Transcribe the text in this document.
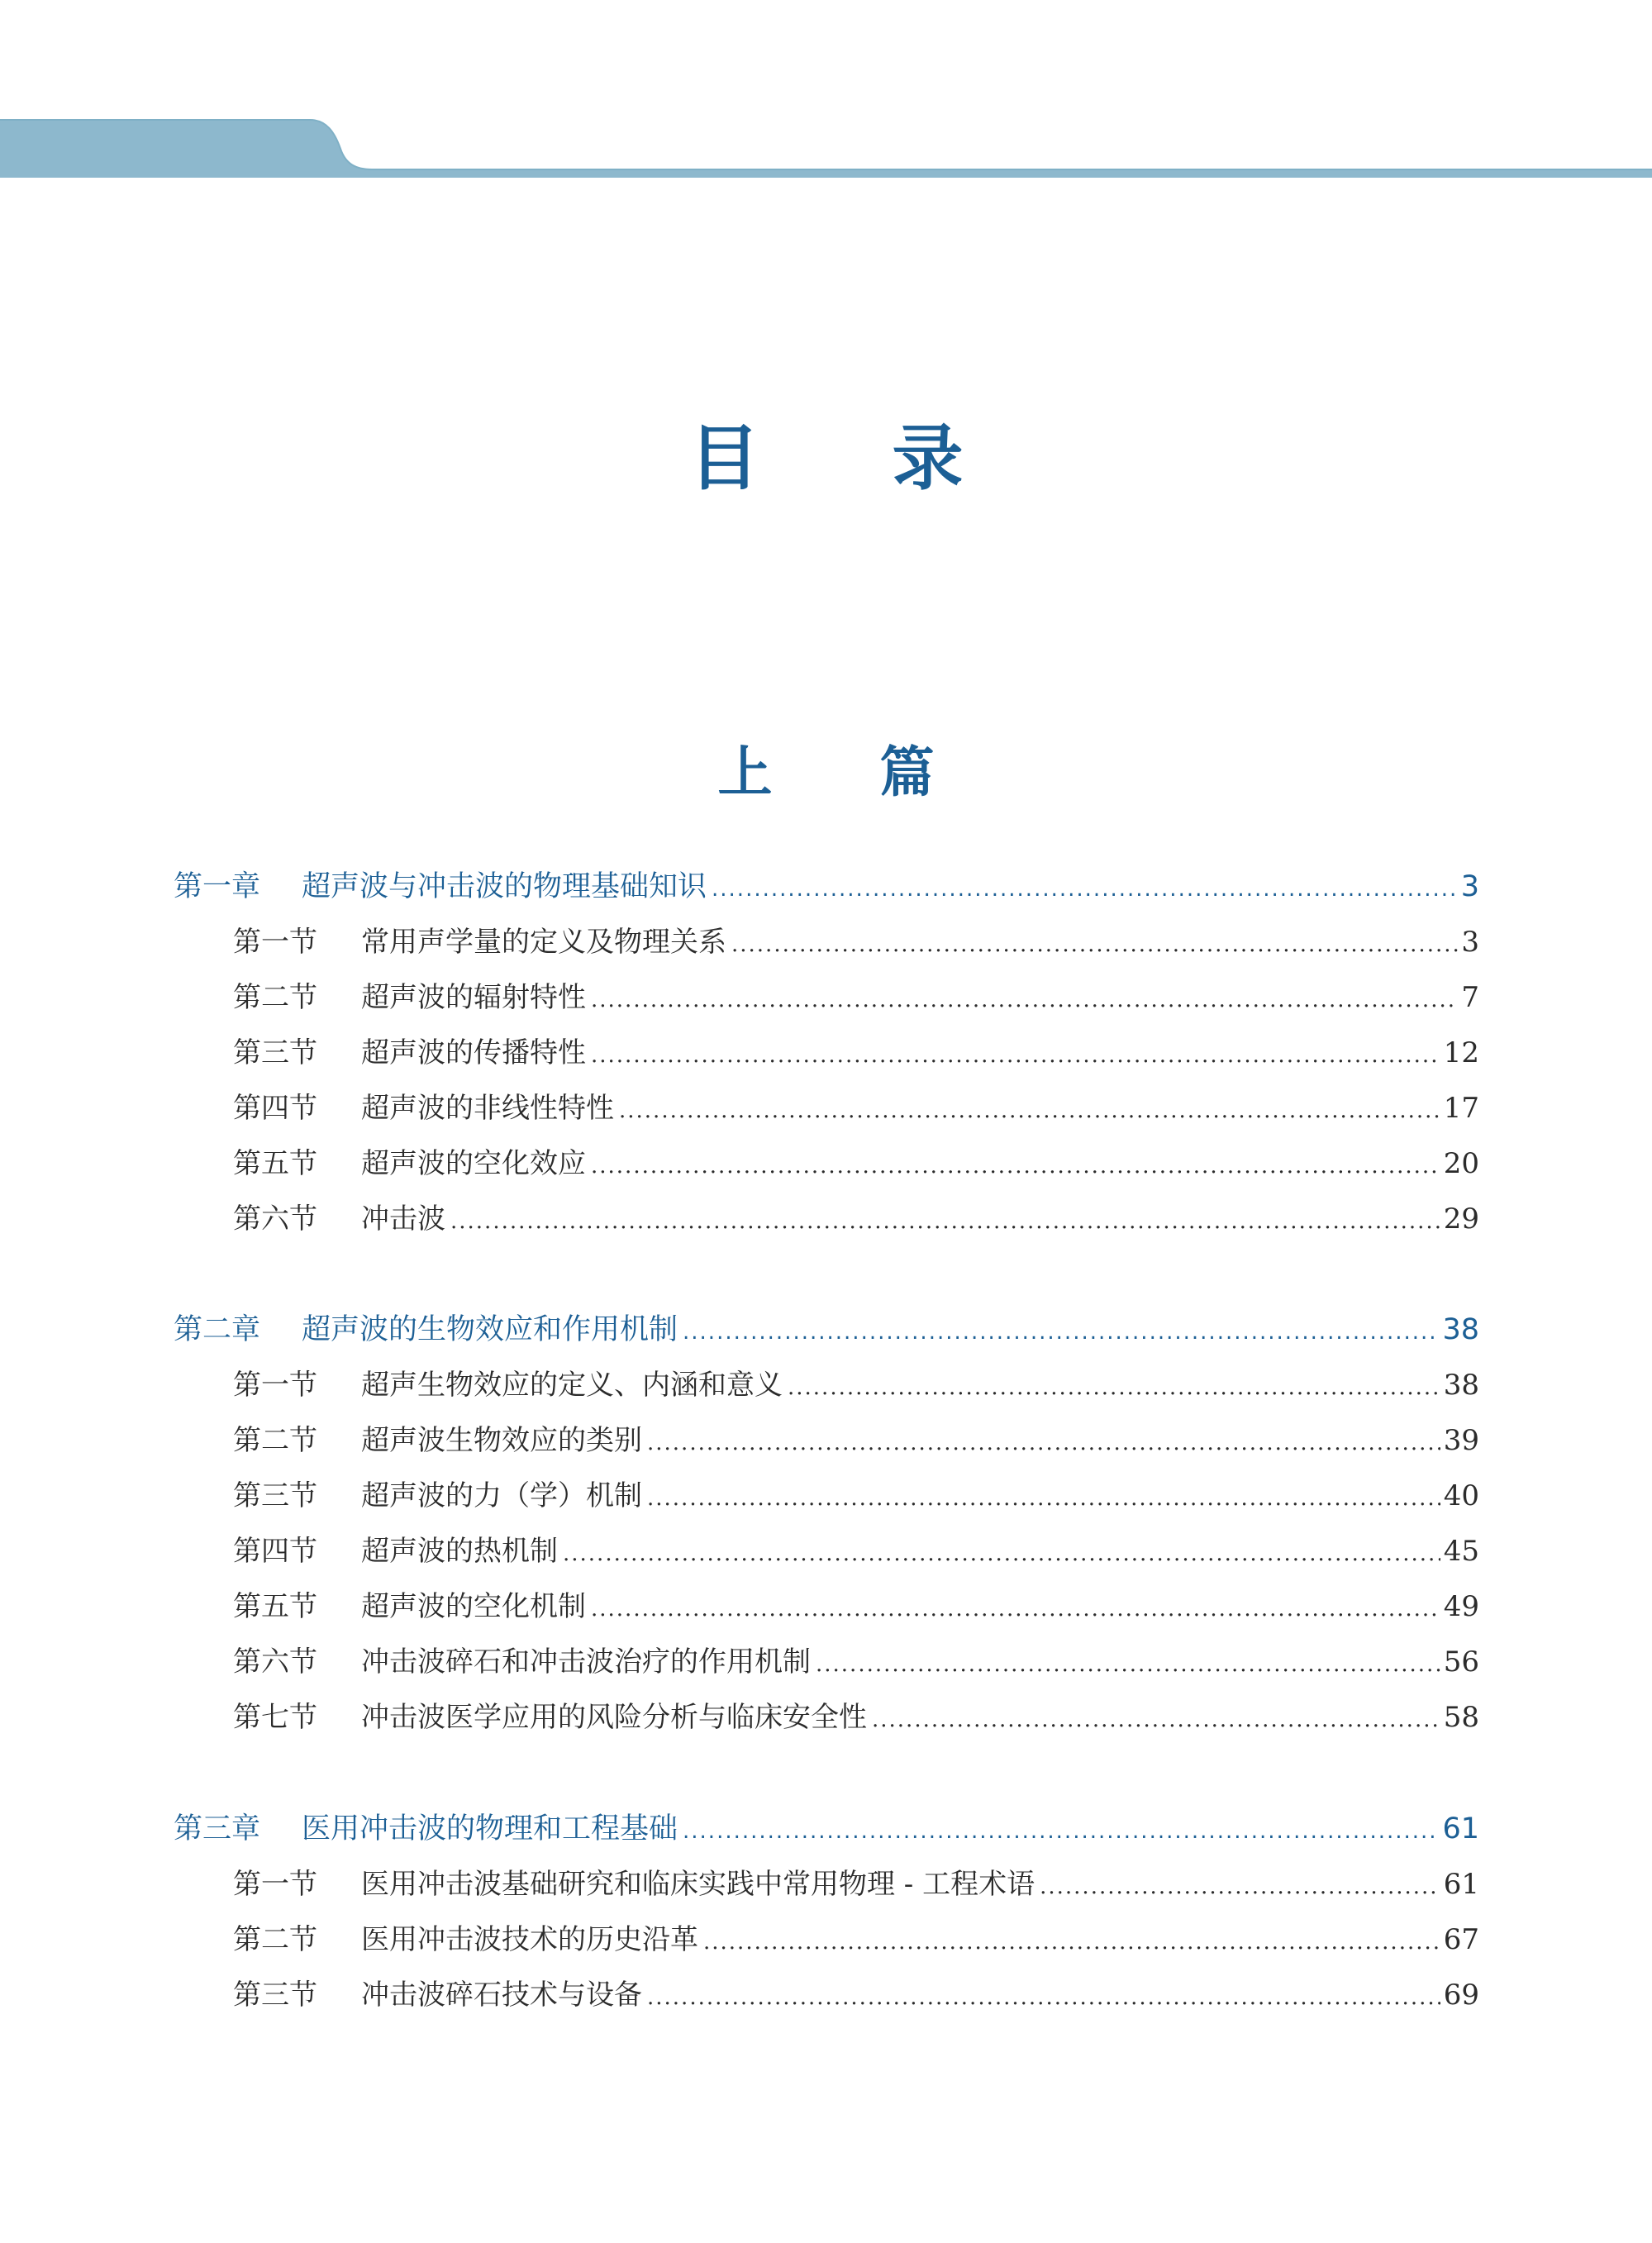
目录
上篇
第一章	超声波与冲击波的物理基础知识 .....	3
第一节	常用声学量的定义及物理关系 .....	3
第二节	超声波的辐射特性 .....	7
第三节	超声波的传播特性 .....	12
第四节	超声波的非线性特性 .....	17
第五节	超声波的空化效应 .....	20
第六节	冲击波 .....	29
第二章	超声波的生物效应和作用机制 .....	38
第一节	超声生物效应的定义、内涵和意义 .....	38
第二节	超声波生物效应的类别 .....	39
第三节	超声波的力（学）机制 .....	40
第四节	超声波的热机制 .....	45
第五节	超声波的空化机制 .....	49
第六节	冲击波碎石和冲击波治疗的作用机制 .....	56
第七节	冲击波医学应用的风险分析与临床安全性 .....	58
第三章	医用冲击波的物理和工程基础 .....	61
第一节	医用冲击波基础研究和临床实践中常用物理 - 工程术语 .....	61
第二节	医用冲击波技术的历史沿革 .....	67
第三节	冲击波碎石技术与设备 .....	69
